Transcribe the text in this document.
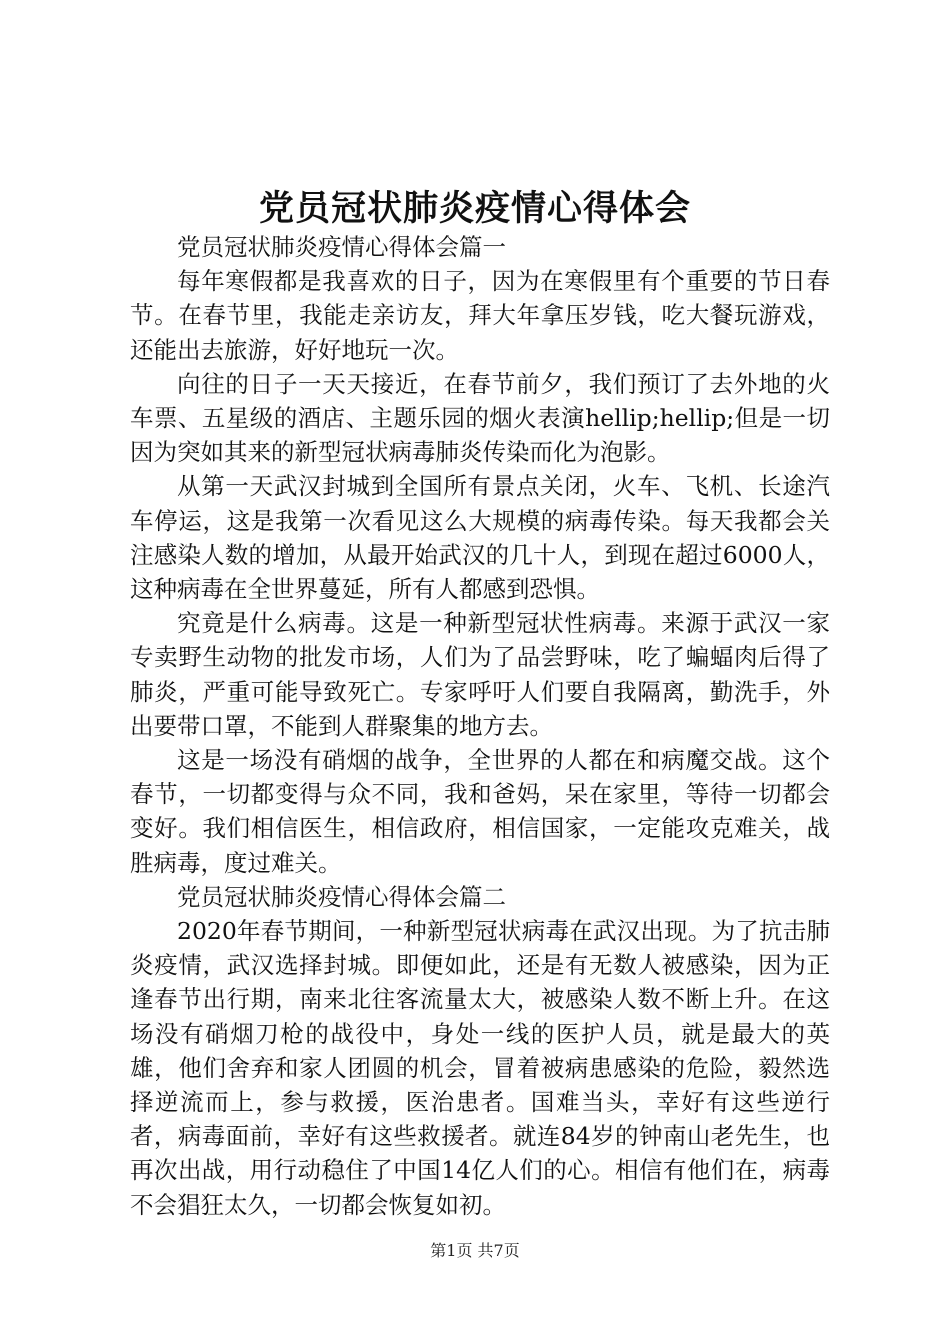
党员冠状肺炎疫情心得体会

党员冠状肺炎疫情心得体会篇一

每年寒假都是我喜欢的日子，因为在寒假里有个重要的节日春节。在春节里，我能走亲访友，拜大年拿压岁钱，吃大餐玩游戏，还能出去旅游，好好地玩一次。

向往的日子一天天接近，在春节前夕，我们预订了去外地的火车票、五星级的酒店、主题乐园的烟火表演hellip;hellip;但是一切因为突如其来的新型冠状病毒肺炎传染而化为泡影。

从第一天武汉封城到全国所有景点关闭，火车、飞机、长途汽车停运，这是我第一次看见这么大规模的病毒传染。每天我都会关注感染人数的增加，从最开始武汉的几十人，到现在超过6000人，这种病毒在全世界蔓延，所有人都感到恐惧。

究竟是什么病毒。这是一种新型冠状性病毒。来源于武汉一家专卖野生动物的批发市场，人们为了品尝野味，吃了蝙蝠肉后得了肺炎，严重可能导致死亡。专家呼吁人们要自我隔离，勤洗手，外出要带口罩，不能到人群聚集的地方去。

这是一场没有硝烟的战争，全世界的人都在和病魔交战。这个春节，一切都变得与众不同，我和爸妈，呆在家里，等待一切都会变好。我们相信医生，相信政府，相信国家，一定能攻克难关，战胜病毒，度过难关。

党员冠状肺炎疫情心得体会篇二

2020年春节期间，一种新型冠状病毒在武汉出现。为了抗击肺炎疫情，武汉选择封城。即便如此，还是有无数人被感染，因为正逢春节出行期，南来北往客流量太大，被感染人数不断上升。在这场没有硝烟刀枪的战役中，身处一线的医护人员，就是最大的英雄，他们舍弃和家人团圆的机会，冒着被病患感染的危险，毅然选择逆流而上，参与救援，医治患者。国难当头，幸好有这些逆行者，病毒面前，幸好有这些救援者。就连84岁的钟南山老先生，也再次出战，用行动稳住了中国14亿人们的心。相信有他们在，病毒不会猖狂太久，一切都会恢复如初。

第1页 共7页
